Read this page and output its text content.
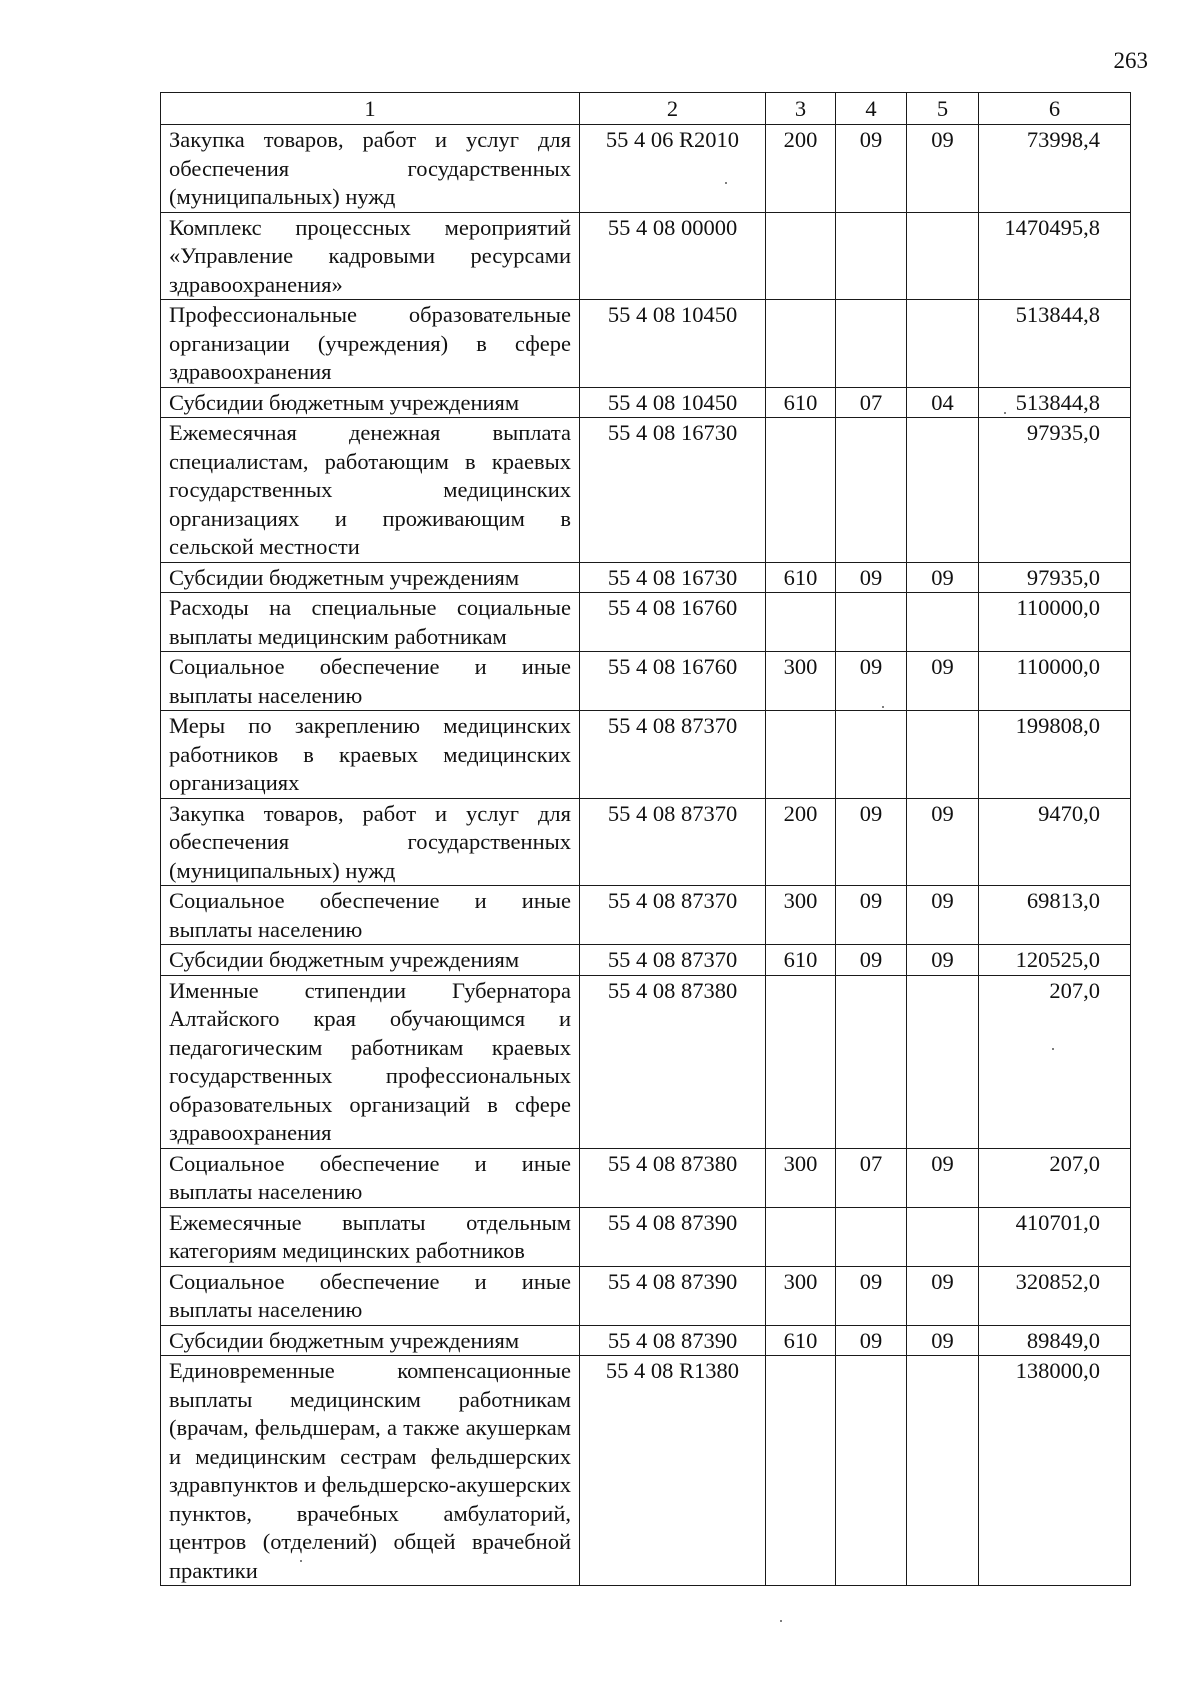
263
1	2	3	4	5	6
Закупка товаров, работ и услуг для обеспечения государственных (муниципальных) нужд	55 4 06 R2010	200	09	09	73998,4
Комплекс процессных мероприятий «Управление кадровыми ресурсами здравоохранения»	55 4 08 00000				1470495,8
Профессиональные образовательные организации (учреждения) в сфере здравоохранения	55 4 08 10450				513844,8
Субсидии бюджетным учреждениям	55 4 08 10450	610	07	04	513844,8
Ежемесячная денежная выплата специалистам, работающим в краевых государственных медицинских организациях и проживающим в сельской местности	55 4 08 16730				97935,0
Субсидии бюджетным учреждениям	55 4 08 16730	610	09	09	97935,0
Расходы на специальные социальные выплаты медицинским работникам	55 4 08 16760				110000,0
Социальное обеспечение и иные выплаты населению	55 4 08 16760	300	09	09	110000,0
Меры по закреплению медицинских работников в краевых медицинских организациях	55 4 08 87370				199808,0
Закупка товаров, работ и услуг для обеспечения государственных (муниципальных) нужд	55 4 08 87370	200	09	09	9470,0
Социальное обеспечение и иные выплаты населению	55 4 08 87370	300	09	09	69813,0
Субсидии бюджетным учреждениям	55 4 08 87370	610	09	09	120525,0
Именные стипендии Губернатора Алтайского края обучающимся и педагогическим работникам краевых государственных профессиональных образовательных организаций в сфере здравоохранения	55 4 08 87380				207,0
Социальное обеспечение и иные выплаты населению	55 4 08 87380	300	07	09	207,0
Ежемесячные выплаты отдельным категориям медицинских работников	55 4 08 87390				410701,0
Социальное обеспечение и иные выплаты населению	55 4 08 87390	300	09	09	320852,0
Субсидии бюджетным учреждениям	55 4 08 87390	610	09	09	89849,0
Единовременные компенсационные выплаты медицинским работникам (врачам, фельдшерам, а также акушеркам и медицинским сестрам фельдшерских здравпунктов и фельдшерско-акушерских пунктов, врачебных амбулаторий, центров (отделений) общей врачебной практики	55 4 08 R1380				138000,0
